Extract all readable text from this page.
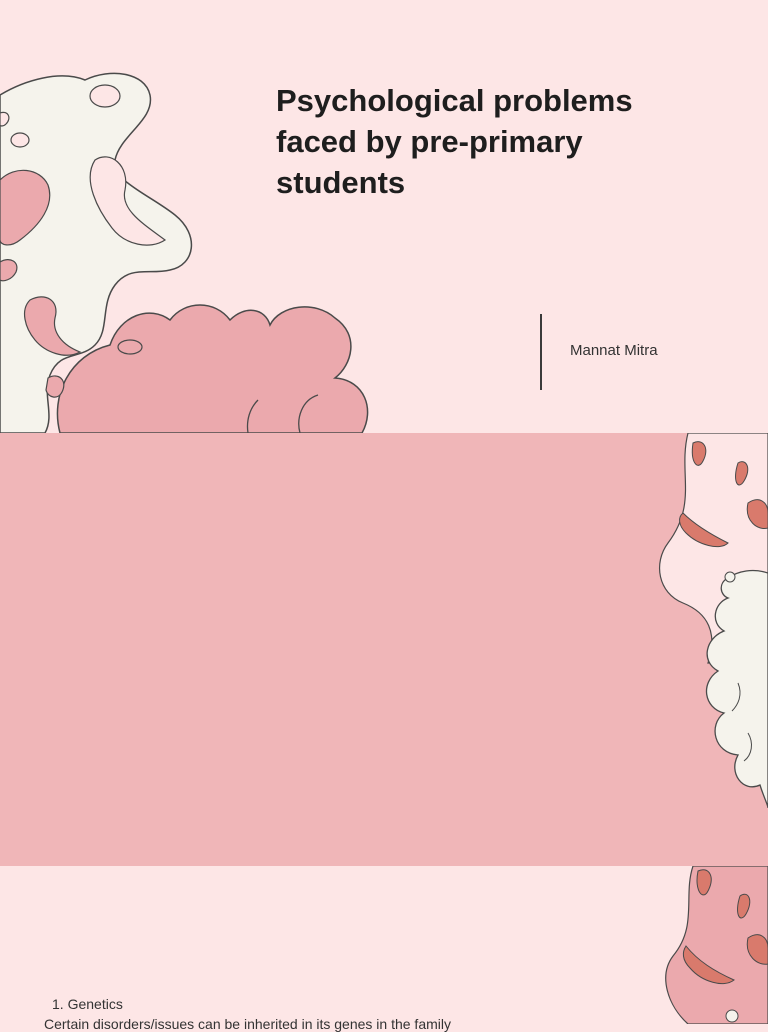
Psychological problems
faced by pre-primary
students
Mannat Mitra

1. Genetics
Certain disorders/issues can be inherited in its genes in the family
